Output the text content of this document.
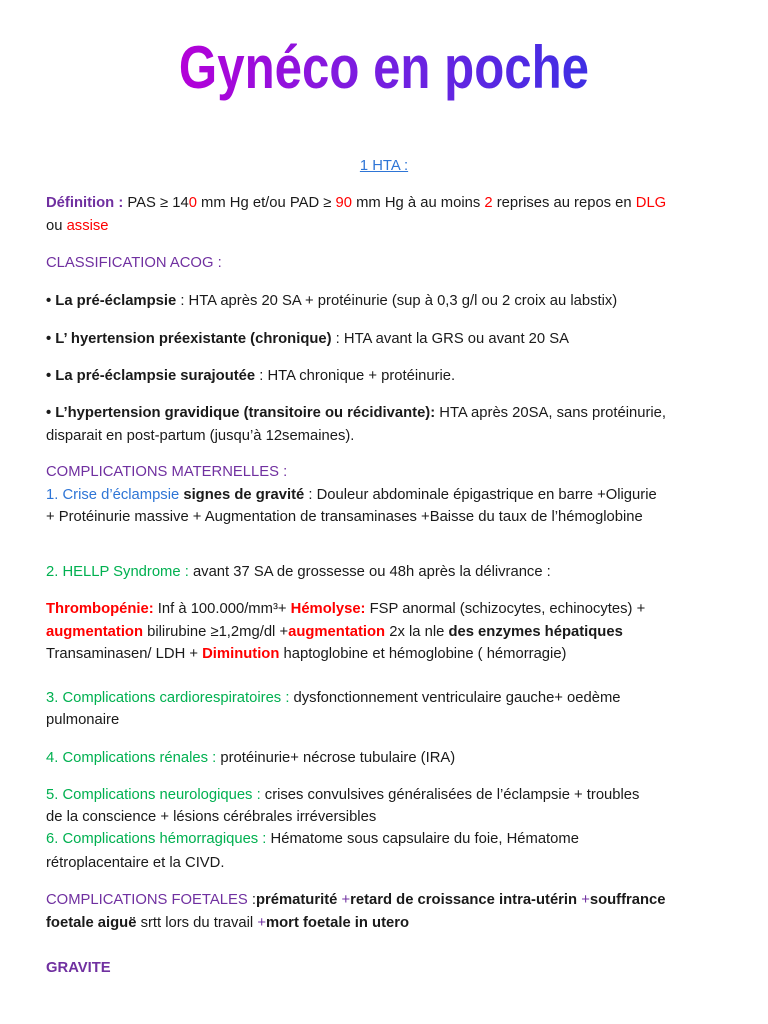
Gynéco en poche
1 HTA :
Définition : PAS ≥ 140 mm Hg et/ou PAD ≥ 90 mm Hg à au moins 2 reprises au repos en DLG
ou assise
CLASSIFICATION ACOG :
• La pré-éclampsie : HTA après 20 SA + protéinurie (sup à 0,3 g/l ou 2 croix au labstix)
• L’ hyertension préexistante (chronique) : HTA avant la GRS ou avant 20 SA
• La pré-éclampsie surajoutée : HTA chronique + protéinurie.
• L’hypertension gravidique (transitoire ou récidivante): HTA après 20SA, sans protéinurie,
disparait en post-partum (jusqu’à 12semaines).
COMPLICATIONS MATERNELLES :
1. Crise d’éclampsie signes de gravité : Douleur abdominale épigastrique en barre +Oligurie
+ Protéinurie massive + Augmentation de transaminases +Baisse du taux de l’hémoglobine
2. HELLP Syndrome : avant 37 SA de grossesse ou 48h après la délivrance :
Thrombopénie: Inf à 100.000/mm³+ Hémolyse: FSP anormal (schizocytes, echinocytes) +
augmentation bilirubine ≥1,2mg/dl +augmentation 2x la nle des enzymes hépatiques
Transaminasen/ LDH + Diminution haptoglobine et hémoglobine ( hémorragie)
3. Complications cardiorespiratoires : dysfonctionnement ventriculaire gauche+ oedème
pulmonaire
4. Complications rénales : protéinurie+ nécrose tubulaire (IRA)
5. Complications neurologiques : crises convulsives généralisées de l’éclampsie + troubles
de la conscience + lésions cérébrales irréversibles
6. Complications hémorragiques : Hématome sous capsulaire du foie, Hématome
rétroplacentaire et la CIVD.
COMPLICATIONS FOETALES :prématurité +retard de croissance intra-utérin +souffrance
foetale aiguë srtt lors du travail +mort foetale in utero
GRAVITE
